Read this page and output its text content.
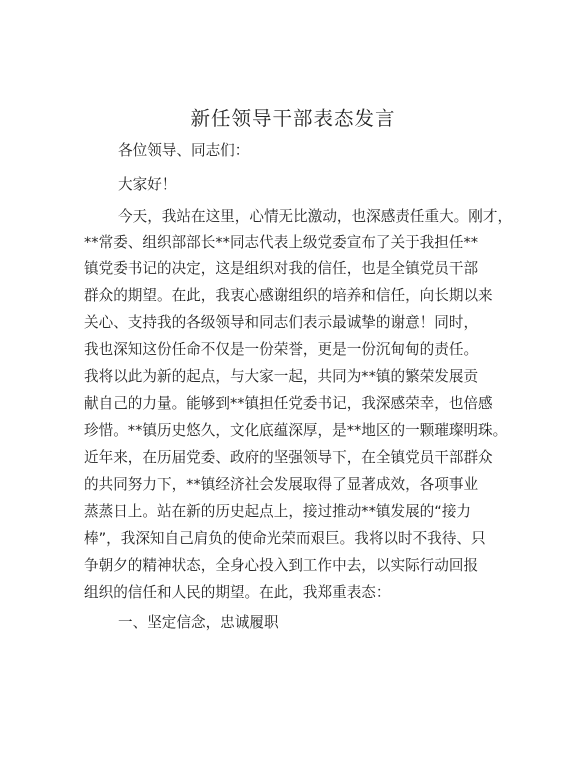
新任领导干部表态发言
各位领导、同志们：
大家好！
今天，我站在这里，心情无比激动，也深感责任重大。刚才，
**常委、组织部部长**同志代表上级党委宣布了关于我担任**
镇党委书记的决定，这是组织对我的信任，也是全镇党员干部
群众的期望。在此，我衷心感谢组织的培养和信任，向长期以来
关心、支持我的各级领导和同志们表示最诚挚的谢意！同时，
我也深知这份任命不仅是一份荣誉，更是一份沉甸甸的责任。
我将以此为新的起点，与大家一起，共同为**镇的繁荣发展贡
献自己的力量。能够到**镇担任党委书记，我深感荣幸，也倍感
珍惜。**镇历史悠久，文化底蕴深厚，是**地区的一颗璀璨明珠。
近年来，在历届党委、政府的坚强领导下，在全镇党员干部群众
的共同努力下，**镇经济社会发展取得了显著成效，各项事业
蒸蒸日上。站在新的历史起点上，接过推动**镇发展的“接力
棒”，我深知自己肩负的使命光荣而艰巨。我将以时不我待、只
争朝夕的精神状态，全身心投入到工作中去，以实际行动回报
组织的信任和人民的期望。在此，我郑重表态：
一、坚定信念，忠诚履职
